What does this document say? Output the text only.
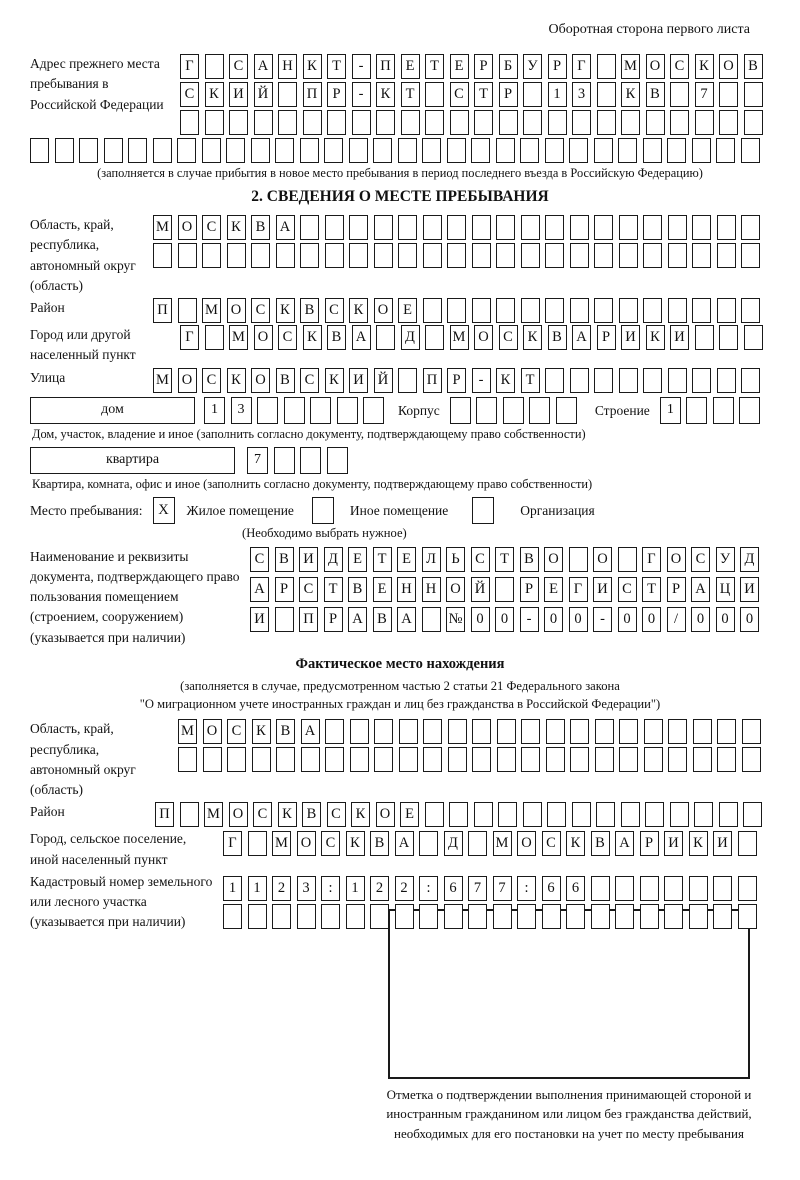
Оборотная сторона первого листа
Адрес прежнего места пребывания в Российской Федерации
Г	С А Н К	Т	-	П	Е	Т	Е	Р	Б	У	Р	Г	М О С	К О В
С	К И Й	П	Р	-	К	Т	С	Т	Р	1	3	К	В	7
(заполняется в случае прибытия в новое место пребывания в период последнего въезда в Российскую Федерацию)
2. СВЕДЕНИЯ О МЕСТЕ ПРЕБЫВАНИЯ
Область, край, республика, автономный округ (область)
М О С	К	В А
Район	П	М О С	К	В	С	К О	Е
Город или другой населенный пункт
Г	М О С	К	В А	Д	М О С	К	В А	Р	И К И
Улица	М О С	К О В	С	К И Й	П	Р	-	К	Т
дом	1	3	Корпус	Строение	1
Дом, участок, владение и иное (заполнить согласно документу, подтверждающему право собственности)
квартира	7
Квартира, комната, офис и иное (заполнить согласно документу, подтверждающему право собственности)
Место пребывания:	X	Жилое помещение	Иное помещение	Организация
(Необходимо выбрать нужное)
Наименование и реквизиты документа, подтверждающего право пользования помещением (строением, сооружением) (указывается при наличии)
С	В И Д	Е	Т	Е	Л	Ь	С	Т	В О	О	Г	О С	У Д
А	Р	С	Т	В	Е	Н Н О Й	Р	Е	Г	И С	Т	Р	А Ц И
И	П	Р	А В А	№ 0	0	-	0	0	-	0	0	/	0	0	0
Фактическое место нахождения
(заполняется в случае, предусмотренном частью 2 статьи 21 Федерального закона
"О миграционном учете иностранных граждан и лиц без гражданства в Российской Федерации")
Область, край, республика, автономный округ (область)
М О С	К	В А
Район	П	М О С	К	В	С	К О	Е
Город, сельское поселение, иной населенный пункт
Г	М О С	К	В А	Д	М О С	К	В А	Р	И К И
Кадастровый номер земельного или лесного участка (указывается при наличии)
1	1	2	3	:	1	2	2	:	6	7	7	:	6	6
Отметка о подтверждении выполнения принимающей стороной и иностранным гражданином или лицом без гражданства действий, необходимых для его постановки на учет по месту пребывания
